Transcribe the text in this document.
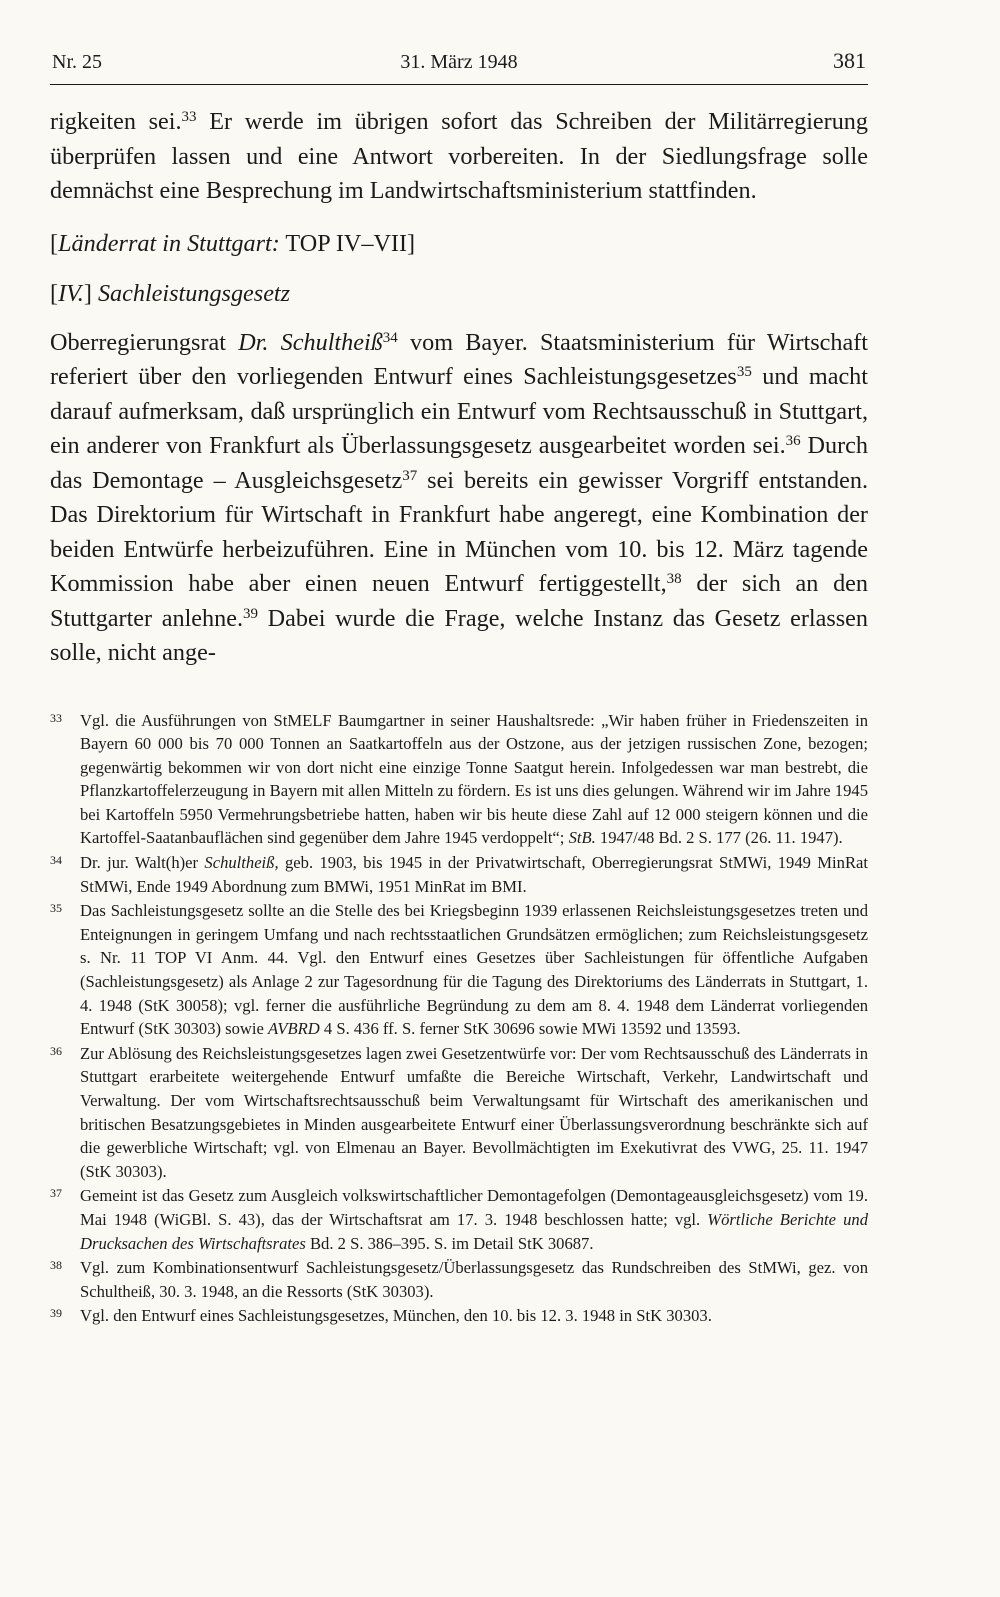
Nr. 25	31. März 1948	381

rigkeiten sei.$^{33}$ Er werde im übrigen sofort das Schreiben der Militärregierung überprüfen lassen und eine Antwort vorbereiten. In der Siedlungsfrage solle demnächst eine Besprechung im Landwirtschaftsministerium stattfinden.

[Länderrat in Stuttgart: TOP IV–VII]

[IV.] Sachleistungsgesetz

Oberregierungsrat Dr. Schultheiß$^{34}$ vom Bayer. Staatsministerium für Wirtschaft referiert über den vorliegenden Entwurf eines Sachleistungsgesetzes$^{35}$ und macht darauf aufmerksam, daß ursprünglich ein Entwurf vom Rechtsausschuß in Stuttgart, ein anderer von Frankfurt als Überlassungsgesetz ausgearbeitet worden sei.$^{36}$ Durch das Demontage – Ausgleichsgesetz$^{37}$ sei bereits ein gewisser Vorgriff entstanden. Das Direktorium für Wirtschaft in Frankfurt habe angeregt, eine Kombination der beiden Entwürfe herbeizuführen. Eine in München vom 10. bis 12. März tagende Kommission habe aber einen neuen Entwurf fertiggestellt,$^{38}$ der sich an den Stuttgarter anlehne.$^{39}$ Dabei wurde die Frage, welche Instanz das Gesetz erlassen solle, nicht ange-

33 Vgl. die Ausführungen von StMELF Baumgartner in seiner Haushaltsrede: „Wir haben früher in Friedenszeiten in Bayern 60 000 bis 70 000 Tonnen an Saatkartoffeln aus der Ostzone, aus der jetzigen russischen Zone, bezogen; gegenwärtig bekommen wir von dort nicht eine einzige Tonne Saatgut herein. Infolgedessen war man bestrebt, die Pflanzkartoffelerzeugung in Bayern mit allen Mitteln zu fördern. Es ist uns dies gelungen. Während wir im Jahre 1945 bei Kartoffeln 5950 Vermehrungsbetriebe hatten, haben wir bis heute diese Zahl auf 12 000 steigern können und die Kartoffel-Saatanbauflächen sind gegenüber dem Jahre 1945 verdoppelt“; StB. 1947/48 Bd. 2 S. 177 (26. 11. 1947).

34 Dr. jur. Walt(h)er Schultheiß, geb. 1903, bis 1945 in der Privatwirtschaft, Oberregierungsrat StMWi, 1949 MinRat StMWi, Ende 1949 Abordnung zum BMWi, 1951 MinRat im BMI.

35 Das Sachleistungsgesetz sollte an die Stelle des bei Kriegsbeginn 1939 erlassenen Reichsleistungsgesetzes treten und Enteignungen in geringem Umfang und nach rechtsstaatlichen Grundsätzen ermöglichen; zum Reichsleistungsgesetz s. Nr. 11 TOP VI Anm. 44. Vgl. den Entwurf eines Gesetzes über Sachleistungen für öffentliche Aufgaben (Sachleistungsgesetz) als Anlage 2 zur Tagesordnung für die Tagung des Direktoriums des Länderrats in Stuttgart, 1. 4. 1948 (StK 30058); vgl. ferner die ausführliche Begründung zu dem am 8. 4. 1948 dem Länderrat vorliegenden Entwurf (StK 30303) sowie AVBRD 4 S. 436 ff. S. ferner StK 30696 sowie MWi 13592 und 13593.

36 Zur Ablösung des Reichsleistungsgesetzes lagen zwei Gesetzentwürfe vor: Der vom Rechtsausschuß des Länderrats in Stuttgart erarbeitete weitergehende Entwurf umfaßte die Bereiche Wirtschaft, Verkehr, Landwirtschaft und Verwaltung. Der vom Wirtschaftsrechtsausschuß beim Verwaltungsamt für Wirtschaft des amerikanischen und britischen Besatzungsgebietes in Minden ausgearbeitete Entwurf einer Überlassungsverordnung beschränkte sich auf die gewerbliche Wirtschaft; vgl. von Elmenau an Bayer. Bevollmächtigten im Exekutivrat des VWG, 25. 11. 1947 (StK 30303).

37 Gemeint ist das Gesetz zum Ausgleich volkswirtschaftlicher Demontagefolgen (Demontageausgleichsgesetz) vom 19. Mai 1948 (WiGBl. S. 43), das der Wirtschaftsrat am 17. 3. 1948 beschlossen hatte; vgl. Wörtliche Berichte und Drucksachen des Wirtschaftsrates Bd. 2 S. 386–395. S. im Detail StK 30687.

38 Vgl. zum Kombinationsentwurf Sachleistungsgesetz/Überlassungsgesetz das Rundschreiben des StMWi, gez. von Schultheiß, 30. 3. 1948, an die Ressorts (StK 30303).

39 Vgl. den Entwurf eines Sachleistungsgesetzes, München, den 10. bis 12. 3. 1948 in StK 30303.
